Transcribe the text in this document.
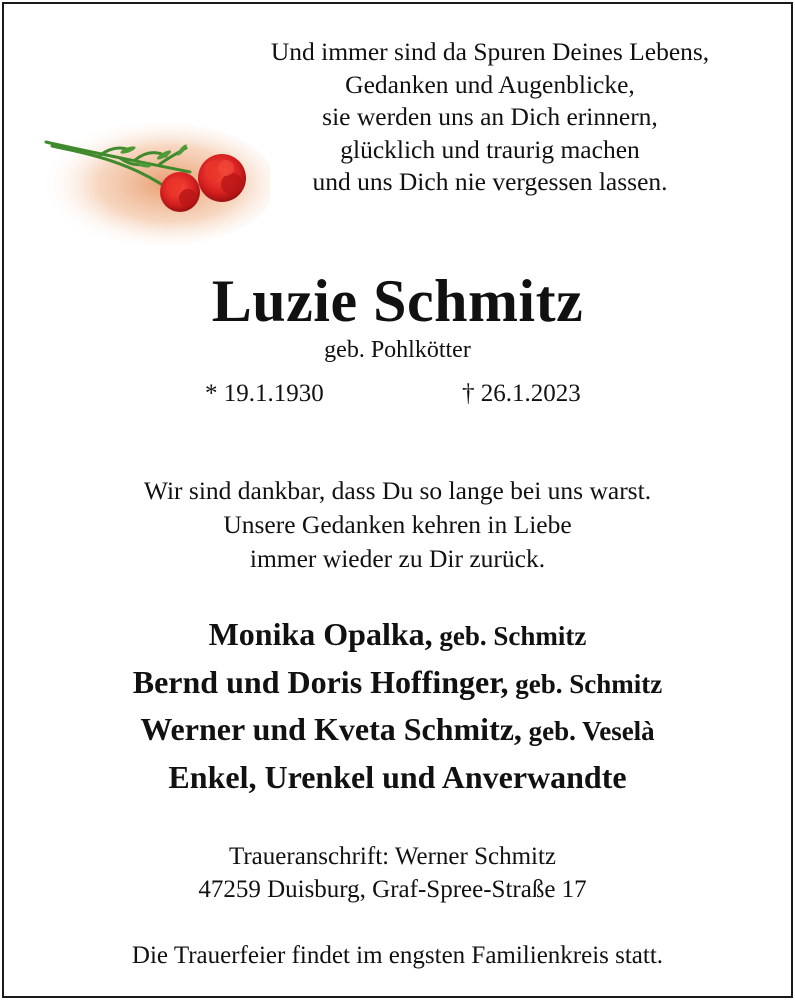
Und immer sind da Spuren Deines Lebens,
Gedanken und Augenblicke,
sie werden uns an Dich erinnern,
glücklich und traurig machen
und uns Dich nie vergessen lassen.
Luzie Schmitz
geb. Pohlkötter
* 19.1.1930	† 26.1.2023
Wir sind dankbar, dass Du so lange bei uns warst.
Unsere Gedanken kehren in Liebe
immer wieder zu Dir zurück.
Monika Opalka, geb. Schmitz
Bernd und Doris Hoffinger, geb. Schmitz
Werner und Kveta Schmitz, geb. Veselà
Enkel, Urenkel und Anverwandte
Traueranschrift: Werner Schmitz
47259 Duisburg, Graf-Spree-Straße 17
Die Trauerfeier findet im engsten Familienkreis statt.
